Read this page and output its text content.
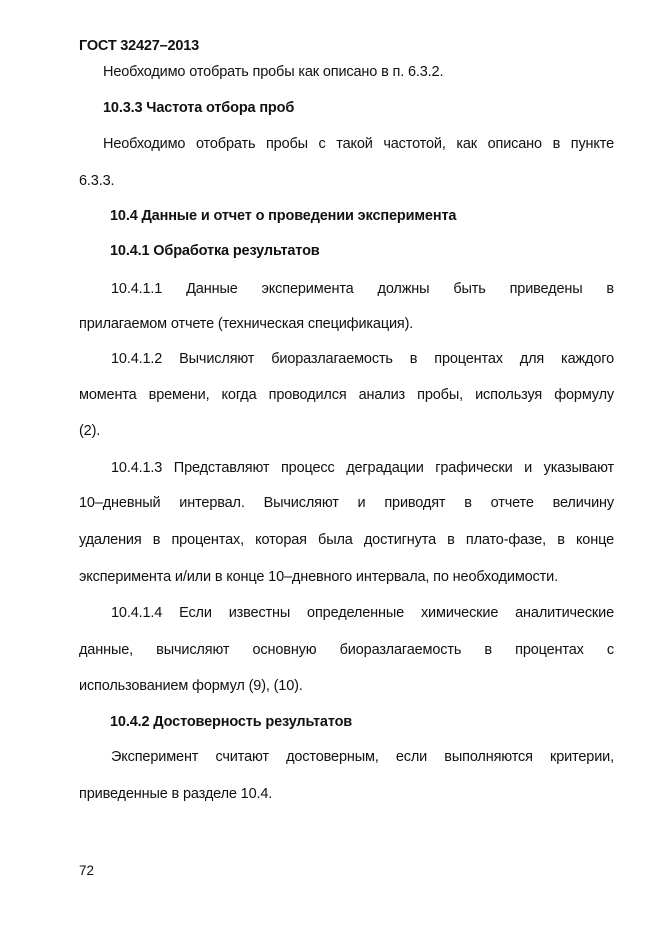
ГОСТ 32427–2013
Необходимо отобрать пробы как описано в п. 6.3.2.
10.3.3 Частота отбора проб
Необходимо отобрать пробы с такой частотой, как описано в пункте
6.3.3.
10.4 Данные и отчет о проведении эксперимента
10.4.1 Обработка результатов
10.4.1.1 Данные эксперимента должны быть приведены в
прилагаемом отчете (техническая спецификация).
10.4.1.2 Вычисляют биоразлагаемость в процентах для каждого
момента времени, когда проводился анализ пробы, используя формулу
(2).
10.4.1.3 Представляют процесс деградации графически и указывают
10–дневный интервал. Вычисляют и приводят в отчете величину
удаления в процентах, которая была достигнута в плато-фазе, в конце
эксперимента и/или в конце 10–дневного интервала, по необходимости.
10.4.1.4 Если известны определенные химические аналитические
данные, вычисляют основную биоразлагаемость в процентах с
использованием формул (9), (10).
10.4.2 Достоверность результатов
Эксперимент считают достоверным, если выполняются критерии,
приведенные в разделе 10.4.
72
